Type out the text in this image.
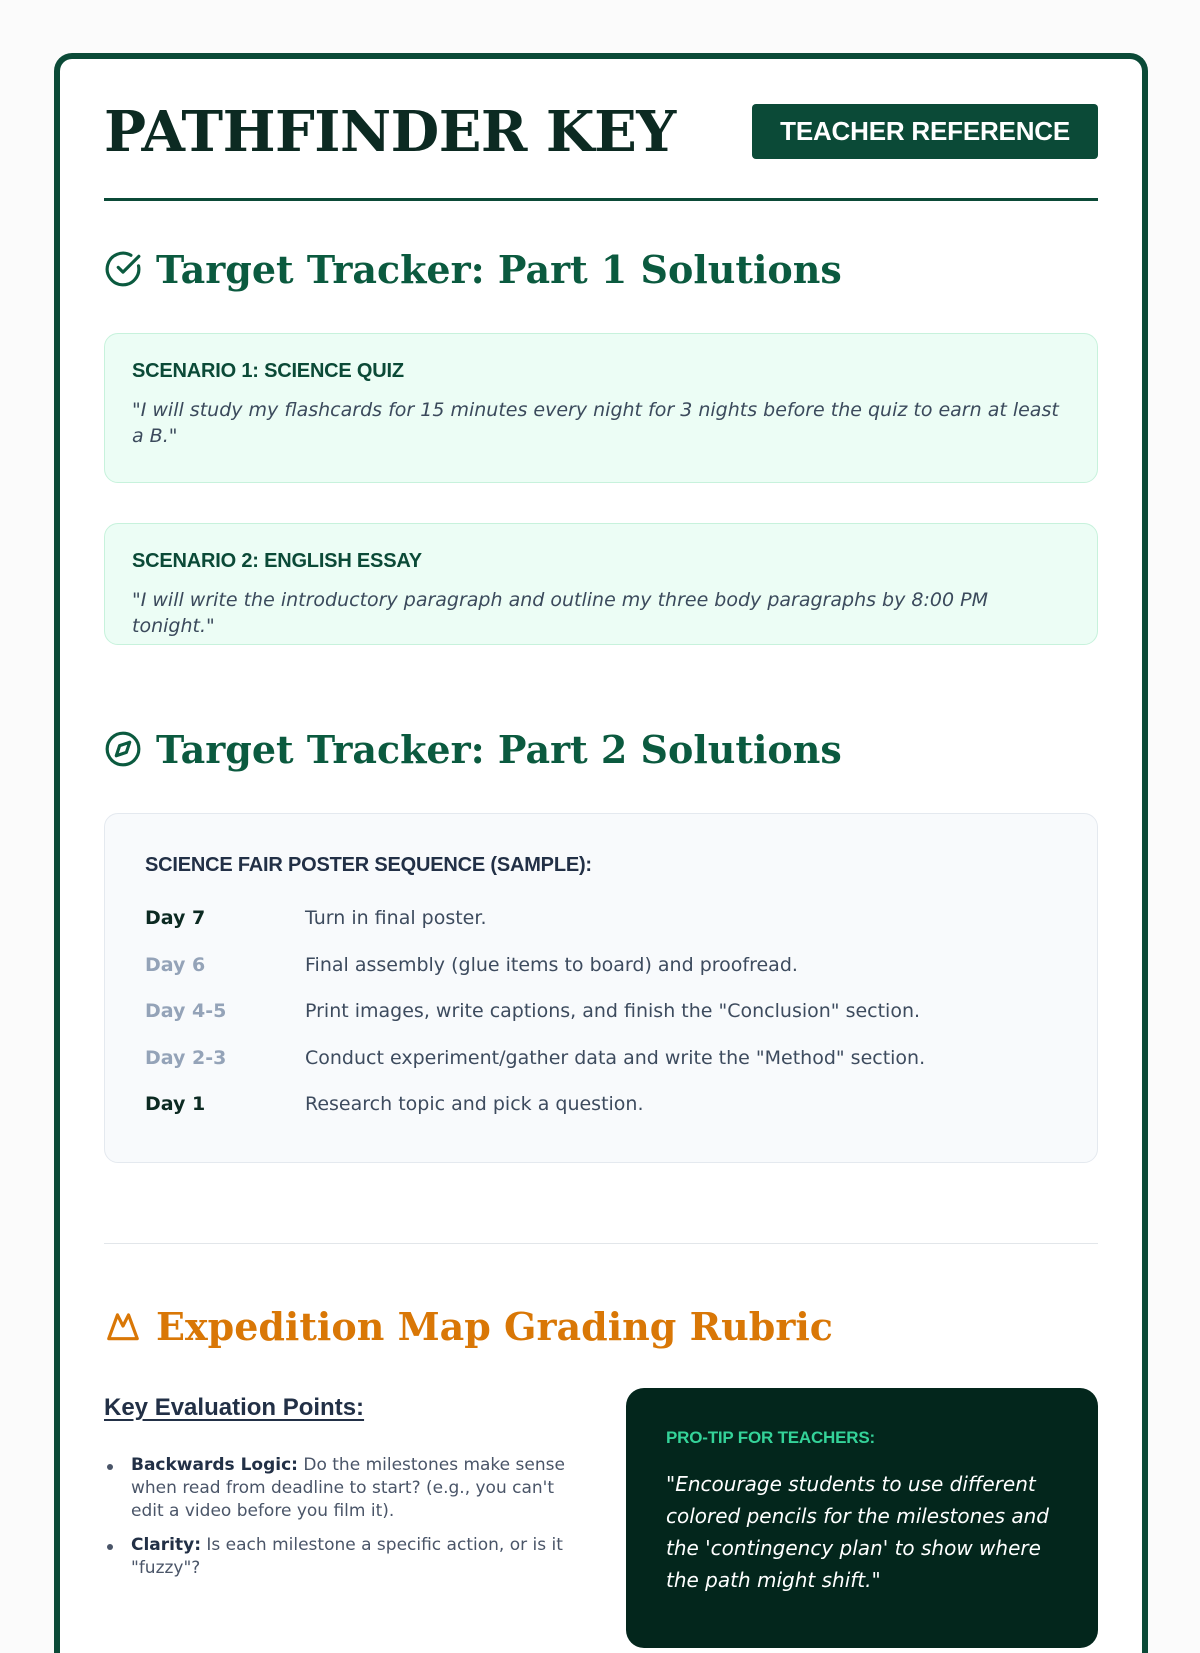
PATHFINDER KEY	TEACHER REFERENCE
Target Tracker: Part 1 Solutions
SCENARIO 1: SCIENCE QUIZ

"I will study my flashcards for 15 minutes every night for 3 nights before the quiz to earn at least a B."

SCENARIO 2: ENGLISH ESSAY

"I will write the introductory paragraph and outline my three body paragraphs by 8:00 PM tonight."

Target Tracker: Part 2 Solutions
SCIENCE FAIR POSTER SEQUENCE (SAMPLE):
Day 7	Turn in final poster.
Day 6	Final assembly (glue items to board) and proofread.
Day 4-5	Print images, write captions, and finish the "Conclusion" section.
Day 2-3	Conduct experiment/gather data and write the "Method" section.
Day 1	Research topic and pick a question.
Expedition Map Grading Rubric
Key Evaluation Points:
Backwards Logic: Do the milestones make sense when read from deadline to start? (e.g., you can't edit a video before you film it).
Clarity: Is each milestone a specific action, or is it "fuzzy"?
PRO-TIP FOR TEACHERS:

"Encourage students to use different colored pencils for the milestones and the 'contingency plan' to show where the path might shift."
